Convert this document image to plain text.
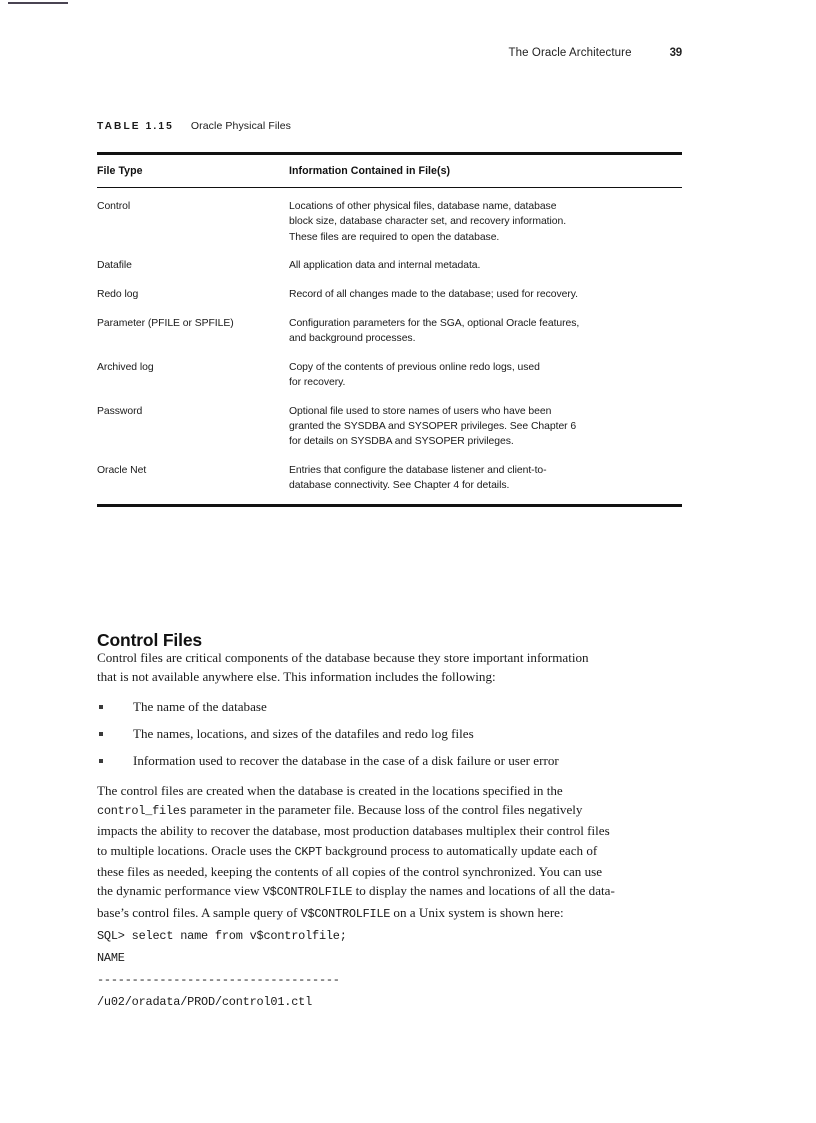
The Oracle Architecture	39
TABLE 1.15 Oracle Physical Files
File Type	Information Contained in File(s)
Control	Locations of other physical files, database name, database
block size, database character set, and recovery information.
These files are required to open the database.
Datafile	All application data and internal metadata.
Redo log	Record of all changes made to the database; used for recovery.
Parameter (PFILE or SPFILE)	Configuration parameters for the SGA, optional Oracle features,
and background processes.
Archived log	Copy of the contents of previous online redo logs, used
for recovery.
Password	Optional file used to store names of users who have been
granted the SYSDBA and SYSOPER privileges. See Chapter 6
for details on SYSDBA and SYSOPER privileges.
Oracle Net	Entries that configure the database listener and client-to-
database connectivity. See Chapter 4 for details.
Control Files

Control files are critical components of the database because they store important information
that is not available anywhere else. This information includes the following:

The name of the database
The names, locations, and sizes of the datafiles and redo log files
Information used to recover the database in the case of a disk failure or user error

The control files are created when the database is created in the locations specified in the
control_files parameter in the parameter file. Because loss of the control files negatively
impacts the ability to recover the database, most production databases multiplex their control files
to multiple locations. Oracle uses the CKPT background process to automatically update each of
these files as needed, keeping the contents of all copies of the control synchronized. You can use
the dynamic performance view V$CONTROLFILE to display the names and locations of all the data-
base’s control files. A sample query of V$CONTROLFILE on a Unix system is shown here:

SQL> select name from v$controlfile;
NAME
-----------------------------------
/u02/oradata/PROD/control01.ctl
